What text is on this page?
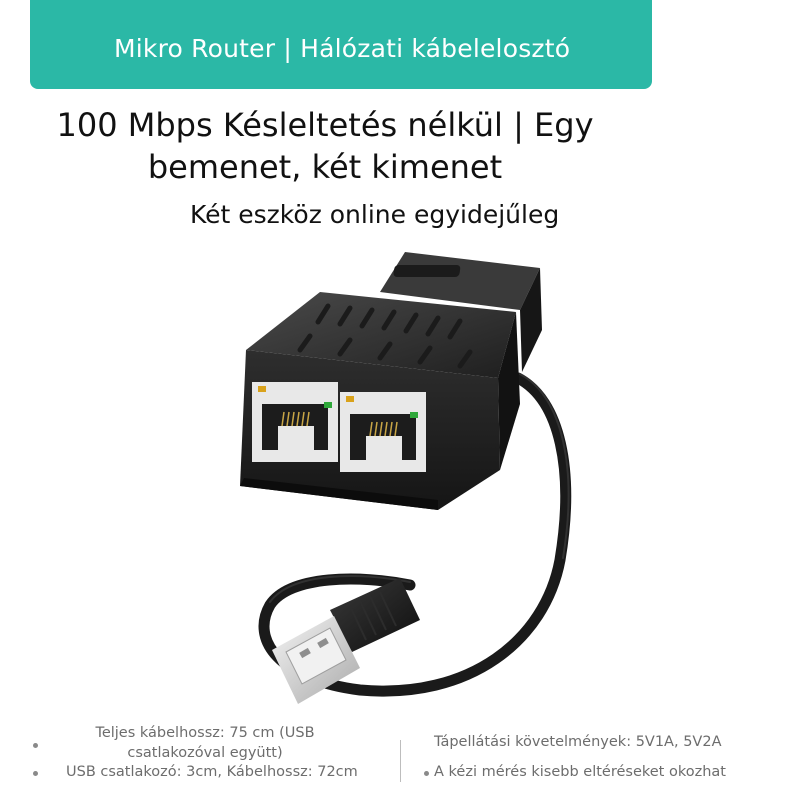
Mikro Router | Hálózati kábelelosztó
100 Mbps Késleltetés nélkül | Egy
bemenet, két kimenet
Két eszköz online egyidejűleg
Teljes kábelhossz: 75 cm (USB
csatlakozóval együtt)
USB csatlakozó: 3cm, Kábelhossz: 72cm
Tápellátási követelmények: 5V1A, 5V2A
A kézi mérés kisebb eltéréseket okozhat
